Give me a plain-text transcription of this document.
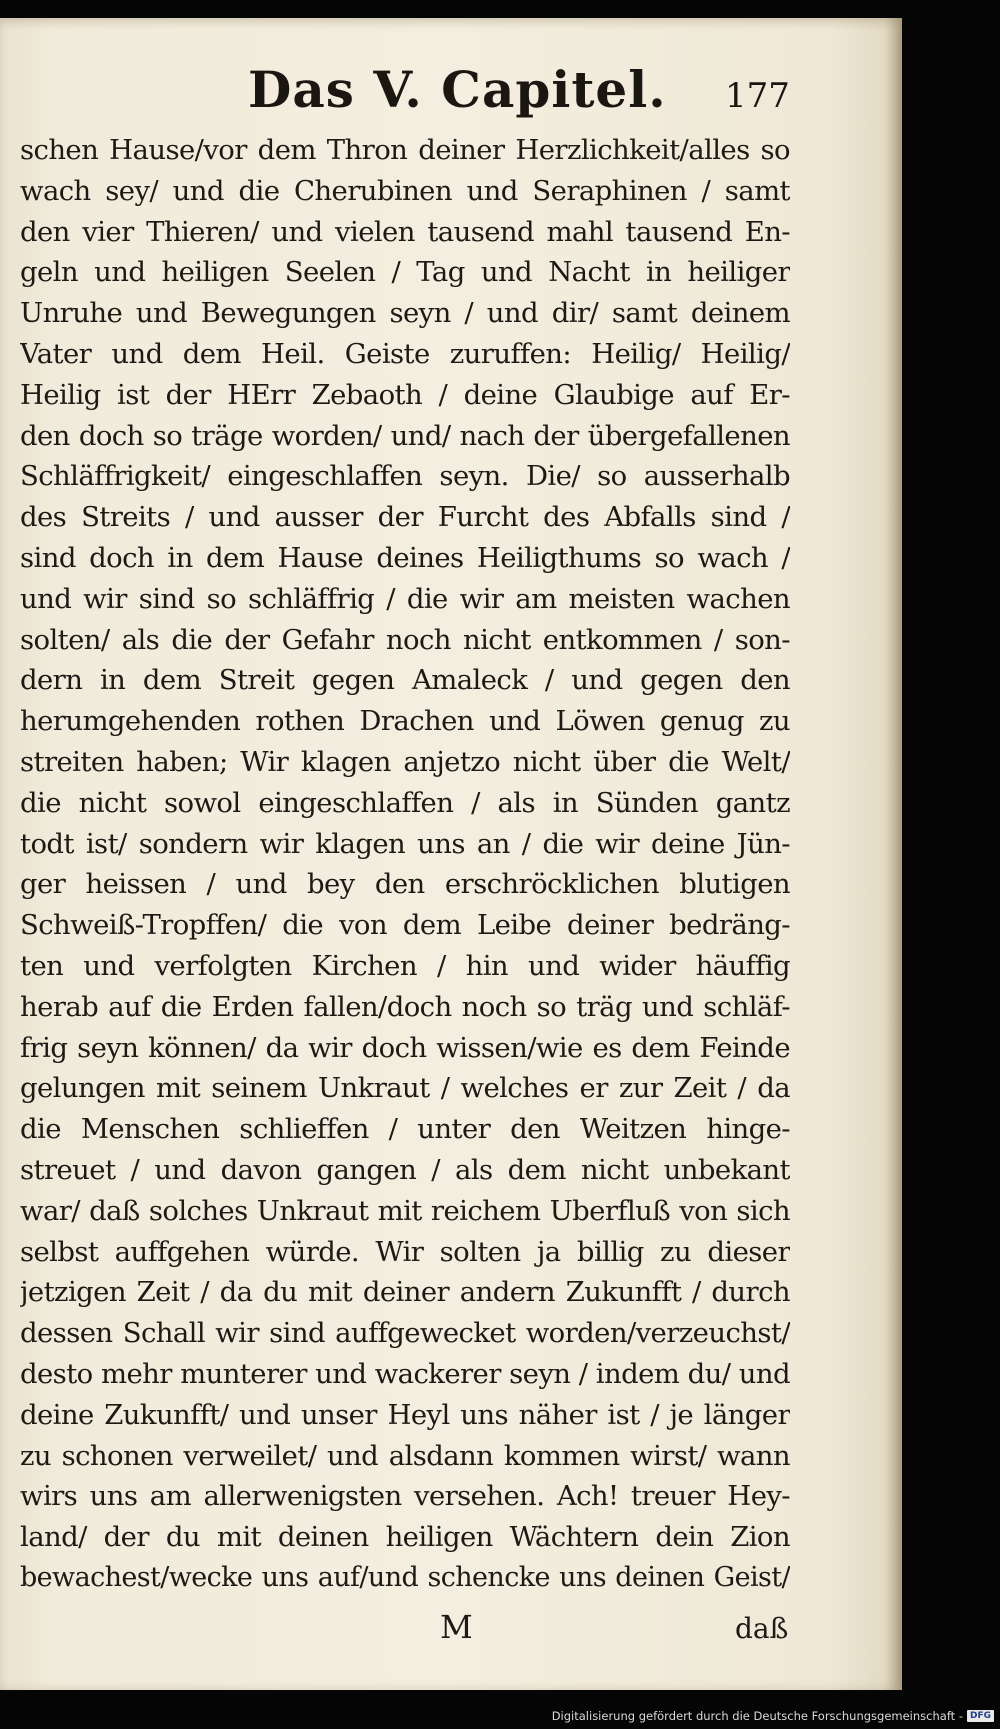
Das V. Capitel. 177
schen Hause/vor dem Thron deiner Herzlichkeit/alles so
wach sey/ und die Cherubinen und Seraphinen / samt
den vier Thieren/ und vielen tausend mahl tausend En-
geln und heiligen Seelen / Tag und Nacht in heiliger
Unruhe und Bewegungen seyn / und dir/ samt deinem
Vater und dem Heil. Geiste zuruffen: Heilig/ Heilig/
Heilig ist der HErr Zebaoth / deine Glaubige auf Er-
den doch so träge worden/ und/ nach der übergefallenen
Schläffrigkeit/ eingeschlaffen seyn. Die/ so ausserhalb
des Streits / und ausser der Furcht des Abfalls sind /
sind doch in dem Hause deines Heiligthums so wach /
und wir sind so schläffrig / die wir am meisten wachen
solten/ als die der Gefahr noch nicht entkommen / son-
dern in dem Streit gegen Amaleck / und gegen den
herumgehenden rothen Drachen und Löwen genug zu
streiten haben; Wir klagen anjetzo nicht über die Welt/
die nicht sowol eingeschlaffen / als in Sünden gantz
todt ist/ sondern wir klagen uns an / die wir deine Jün-
ger heissen / und bey den erschröcklichen blutigen
Schweiß-Tropffen/ die von dem Leibe deiner bedräng-
ten und verfolgten Kirchen / hin und wider häuffig
herab auf die Erden fallen/doch noch so träg und schläf-
frig seyn können/ da wir doch wissen/wie es dem Feinde
gelungen mit seinem Unkraut / welches er zur Zeit / da
die Menschen schlieffen / unter den Weitzen hinge-
streuet / und davon gangen / als dem nicht unbekant
war/ daß solches Unkraut mit reichem Uberfluß von sich
selbst auffgehen würde. Wir solten ja billig zu dieser
jetzigen Zeit / da du mit deiner andern Zukunfft / durch
dessen Schall wir sind auffgewecket worden/verzeuchst/
desto mehr munterer und wackerer seyn / indem du/ und
deine Zukunfft/ und unser Heyl uns näher ist / je länger
zu schonen verweilet/ und alsdann kommen wirst/ wann
wirs uns am allerwenigsten versehen. Ach! treuer Hey-
land/ der du mit deinen heiligen Wächtern dein Zion
bewachest/wecke uns auf/und schencke uns deinen Geist/
M	daß
Digitalisierung gefördert durch die Deutsche Forschungsgemeinschaft - DFG
